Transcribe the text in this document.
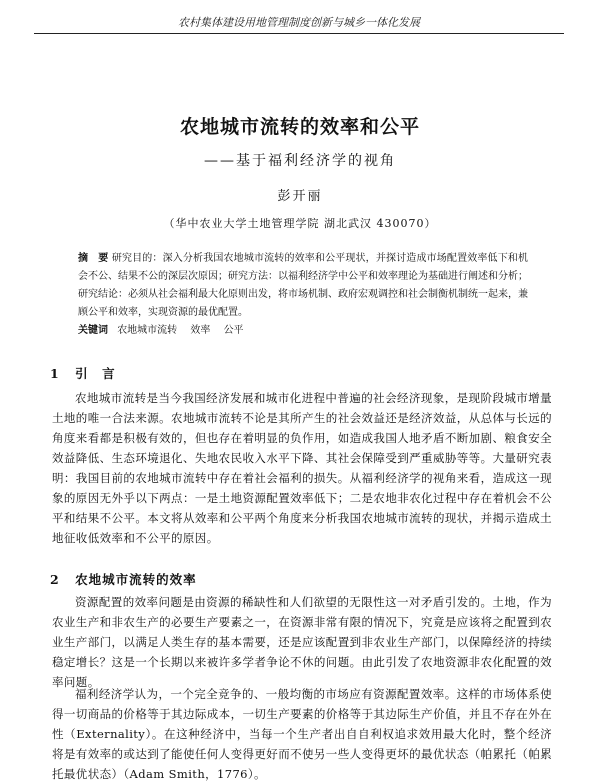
农村集体建设用地管理制度创新与城乡一体化发展
农地城市流转的效率和公平
——基于福利经济学的视角
彭开丽
（华中农业大学土地管理学院 湖北武汉 430070）
摘　要 研究目的：深入分析我国农地城市流转的效率和公平现状，并探讨造成市场配置效率低下和机会不公、结果不公的深层次原因；研究方法：以福利经济学中公平和效率理论为基础进行阐述和分析；研究结论：必须从社会福利最大化原则出发，将市场机制、政府宏观调控和社会制衡机制统一起来，兼顾公平和效率，实现资源的最优配置。
关键词 农地城市流转 效率 公平
1 引　言
农地城市流转是当今我国经济发展和城市化进程中普遍的社会经济现象，是现阶段城市增量土地的唯一合法来源。农地城市流转不论是其所产生的社会效益还是经济效益，从总体与长远的角度来看都是积极有效的，但也存在着明显的负作用，如造成我国人地矛盾不断加剧、粮食安全效益降低、生态环境退化、失地农民收入水平下降、其社会保障受到严重威胁等等。大量研究表明：我国目前的农地城市流转中存在着社会福利的损失。从福利经济学的视角来看，造成这一现象的原因无外乎以下两点：一是土地资源配置效率低下；二是农地非农化过程中存在着机会不公平和结果不公平。本文将从效率和公平两个角度来分析我国农地城市流转的现状，并揭示造成土地征收低效率和不公平的原因。
2 农地城市流转的效率
资源配置的效率问题是由资源的稀缺性和人们欲望的无限性这一对矛盾引发的。土地，作为农业生产和非农生产的必要生产要素之一，在资源非常有限的情况下，究竟是应该将之配置到农业生产部门，以满足人类生存的基本需要，还是应该配置到非农业生产部门，以保障经济的持续稳定增长？这是一个长期以来被许多学者争论不休的问题。由此引发了农地资源非农化配置的效率问题。
福利经济学认为，一个完全竞争的、一般均衡的市场应有资源配置效率。这样的市场体系使得一切商品的价格等于其边际成本，一切生产要素的价格等于其边际生产价值，并且不存在外在性（Externality）。在这种经济中，当每一个生产者出自自利权追求效用最大化时，整个经济将是有效率的或达到了能使任何人变得更好而不使另一些人变得更坏的最优状态（帕累托（帕累托最优状态）（Adam Smith，1776）。
